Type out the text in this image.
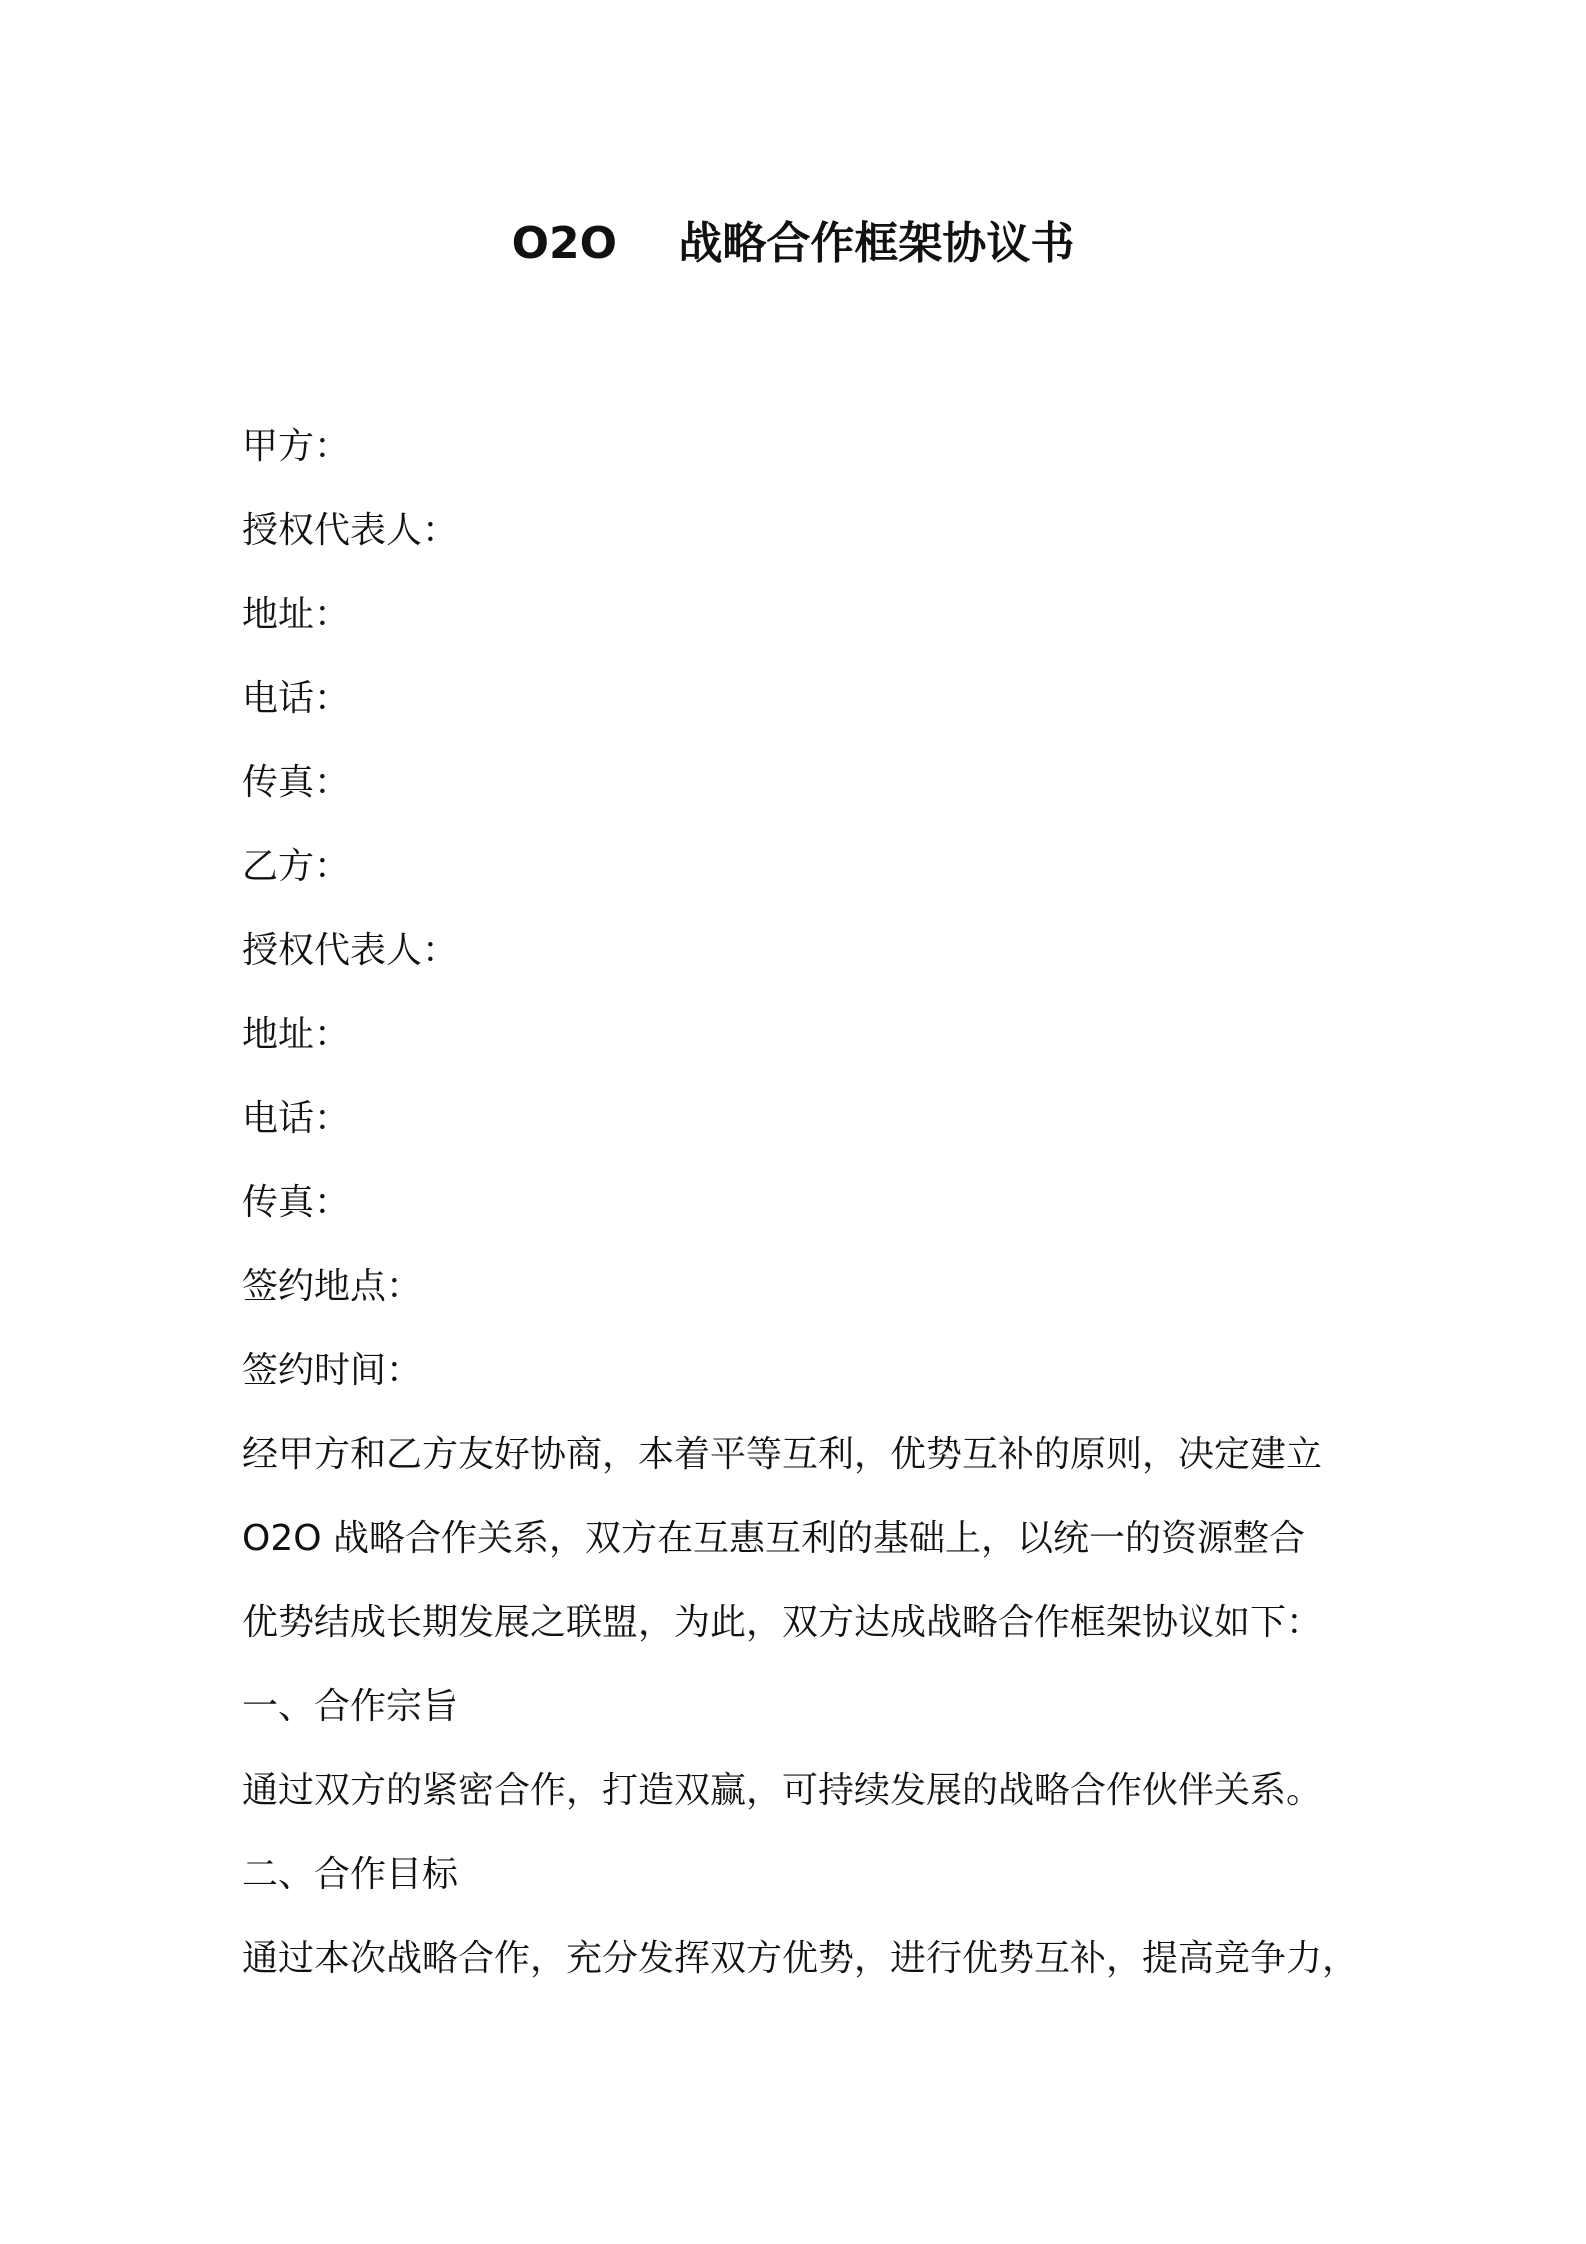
O2O    战略合作框架协议书
甲方：
授权代表人：
地址：
电话：
传真：
乙方：
授权代表人：
地址：
电话：
传真：
签约地点：
签约时间：
经甲方和乙方友好协商，本着平等互利，优势互补的原则，决定建立
O2O 战略合作关系，双方在互惠互利的基础上，以统一的资源整合
优势结成长期发展之联盟，为此，双方达成战略合作框架协议如下：
一、合作宗旨
通过双方的紧密合作，打造双赢，可持续发展的战略合作伙伴关系。
二、合作目标
通过本次战略合作，充分发挥双方优势，进行优势互补，提高竞争力，
